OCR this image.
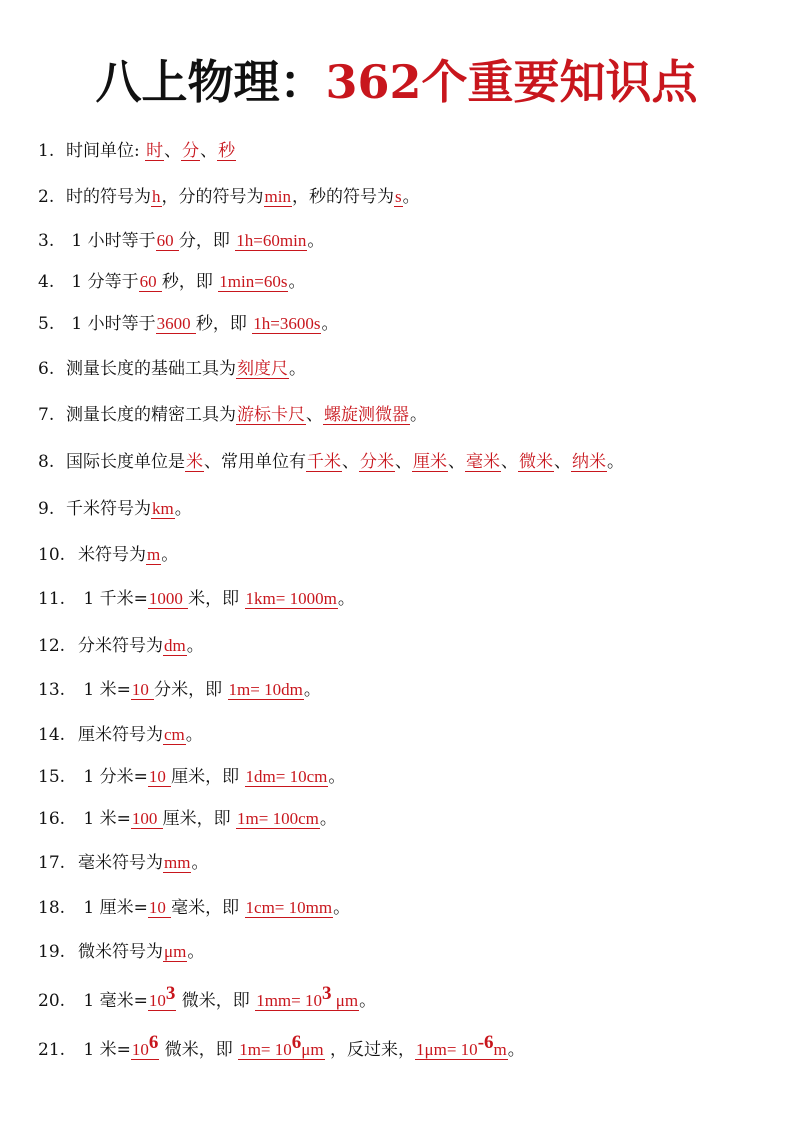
八上物理：362个重要知识点
1. 时间单位: 时、分、秒
2. 时的符号为h，分的符号为min，秒的符号为s。
3. 1 小时等于60 分，即 1h=60min。
4. 1 分等于60 秒，即 1min=60s。
5. 1 小时等于3600 秒，即 1h=3600s。
6. 测量长度的基础工具为刻度尺。
7. 测量长度的精密工具为游标卡尺、螺旋测微器。
8. 国际长度单位是米、常用单位有千米、分米、厘米、毫米、微米、纳米。
9. 千米符号为km。
10. 米符号为m。
11. 1 千米=1000 米，即 1km= 1000m。
12. 分米符号为dm。
13. 1 米=10 分米，即 1m= 10dm。
14. 厘米符号为cm。
15. 1 分米=10 厘米，即 1dm= 10cm。
16. 1 米=100 厘米，即 1m= 100cm。
17. 毫米符号为mm。
18. 1 厘米=10 毫米，即 1cm= 10mm。
19. 微米符号为μm。
20. 1 毫米$=10^3$ 微米，即 $1mm= 10^3$ μm。
21. 1 米$=10^6$ 微米，即 $1m= 10^6\mu m$ ，反过来，$1\mu m= 10^{-6}m$。
